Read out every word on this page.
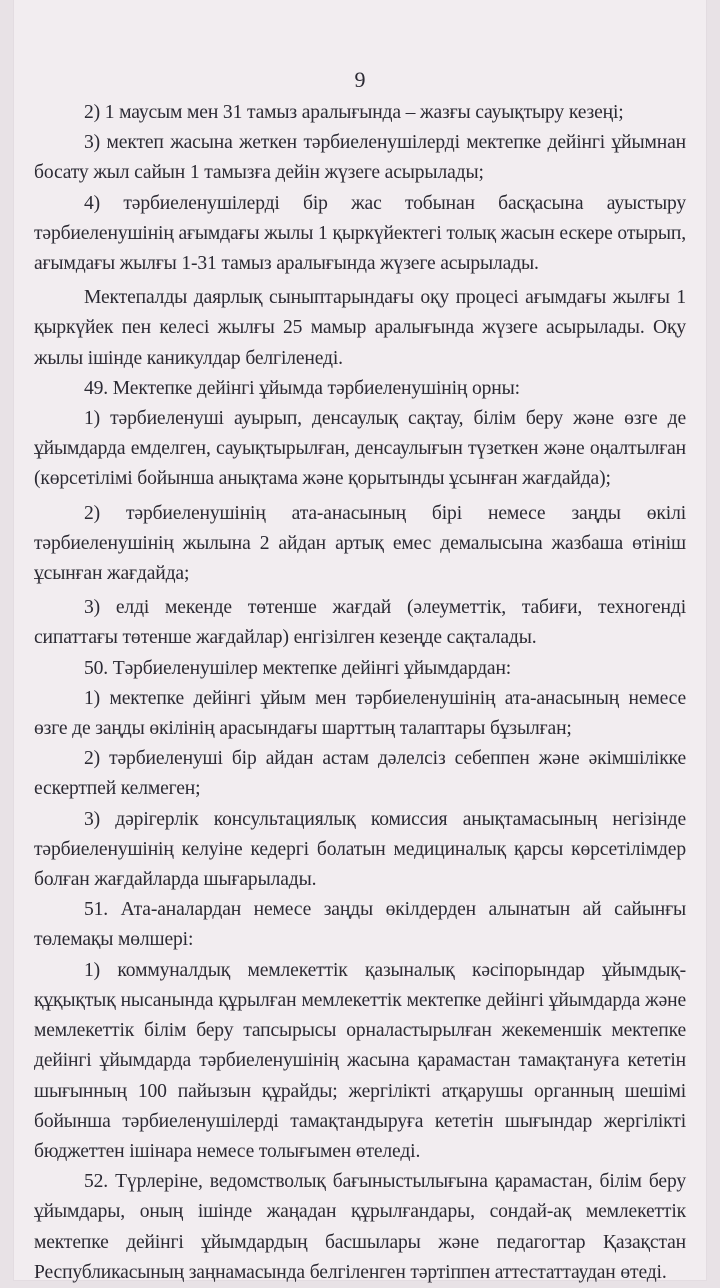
9

2) 1 маусым мен 31 тамыз аралығында – жазғы сауықтыру кезеңі;

3) мектеп жасына жеткен тәрбиеленушілерді мектепке дейінгі ұйымнан босату жыл сайын 1 тамызға дейін жүзеге асырылады;

4) тәрбиеленушілерді бір жас тобынан басқасына ауыстыру тәрбиеленушінің ағымдағы жылы 1 қыркүйектегі толық жасын ескере отырып, ағымдағы жылғы 1-31 тамыз аралығында жүзеге асырылады.

Мектепалды даярлық сыныптарындағы оқу процесі ағымдағы жылғы 1 қыркүйек пен келесі жылғы 25 мамыр аралығында жүзеге асырылады. Оқу жылы ішінде каникулдар белгіленеді.

49. Мектепке дейінгі ұйымда тәрбиеленушінің орны:

1) тәрбиеленуші ауырып, денсаулық сақтау, білім беру және өзге де ұйымдарда емделген, сауықтырылған, денсаулығын түзеткен және оңалтылған (көрсетілімі бойынша анықтама және қорытынды ұсынған жағдайда);

2) тәрбиеленушінің ата-анасының бірі немесе заңды өкілі тәрбиеленушінің жылына 2 айдан артық емес демалысына жазбаша өтініш ұсынған жағдайда;

3) елді мекенде төтенше жағдай (әлеуметтік, табиғи, техногенді сипаттағы төтенше жағдайлар) енгізілген кезеңде сақталады.

50. Тәрбиеленушілер мектепке дейінгі ұйымдардан:

1) мектепке дейінгі ұйым мен тәрбиеленушінің ата-анасының немесе өзге де заңды өкілінің арасындағы шарттың талаптары бұзылған;

2) тәрбиеленуші бір айдан астам дәлелсіз себеппен және әкімшілікке ескертпей келмеген;

3) дәрігерлік консультациялық комиссия анықтамасының негізінде тәрбиеленушінің келуіне кедергі болатын медициналық қарсы көрсетілімдер болған жағдайларда шығарылады.

51. Ата-аналардан немесе заңды өкілдерден алынатын ай сайынғы төлемақы мөлшері:

1) коммуналдық мемлекеттік қазыналық кәсіпорындар ұйымдық-құқықтық нысанында құрылған мемлекеттік мектепке дейінгі ұйымдарда және мемлекеттік білім беру тапсырысы орналастырылған жекеменшік мектепке дейінгі ұйымдарда тәрбиеленушінің жасына қарамастан тамақтануға кететін шығынның 100 пайызын құрайды; жергілікті атқарушы органның шешімі бойынша тәрбиеленушілерді тамақтандыруға кететін шығындар жергілікті бюджеттен ішінара немесе толығымен өтеледі.

52. Түрлеріне, ведомстволық бағыныстылығына қарамастан, білім беру ұйымдары, оның ішінде жаңадан құрылғандары, сондай-ақ мемлекеттік мектепке дейінгі ұйымдардың басшылары және педагогтар Қазақстан Республикасының заңнамасында белгіленген тәртіппен аттестаттаудан өтеді.
